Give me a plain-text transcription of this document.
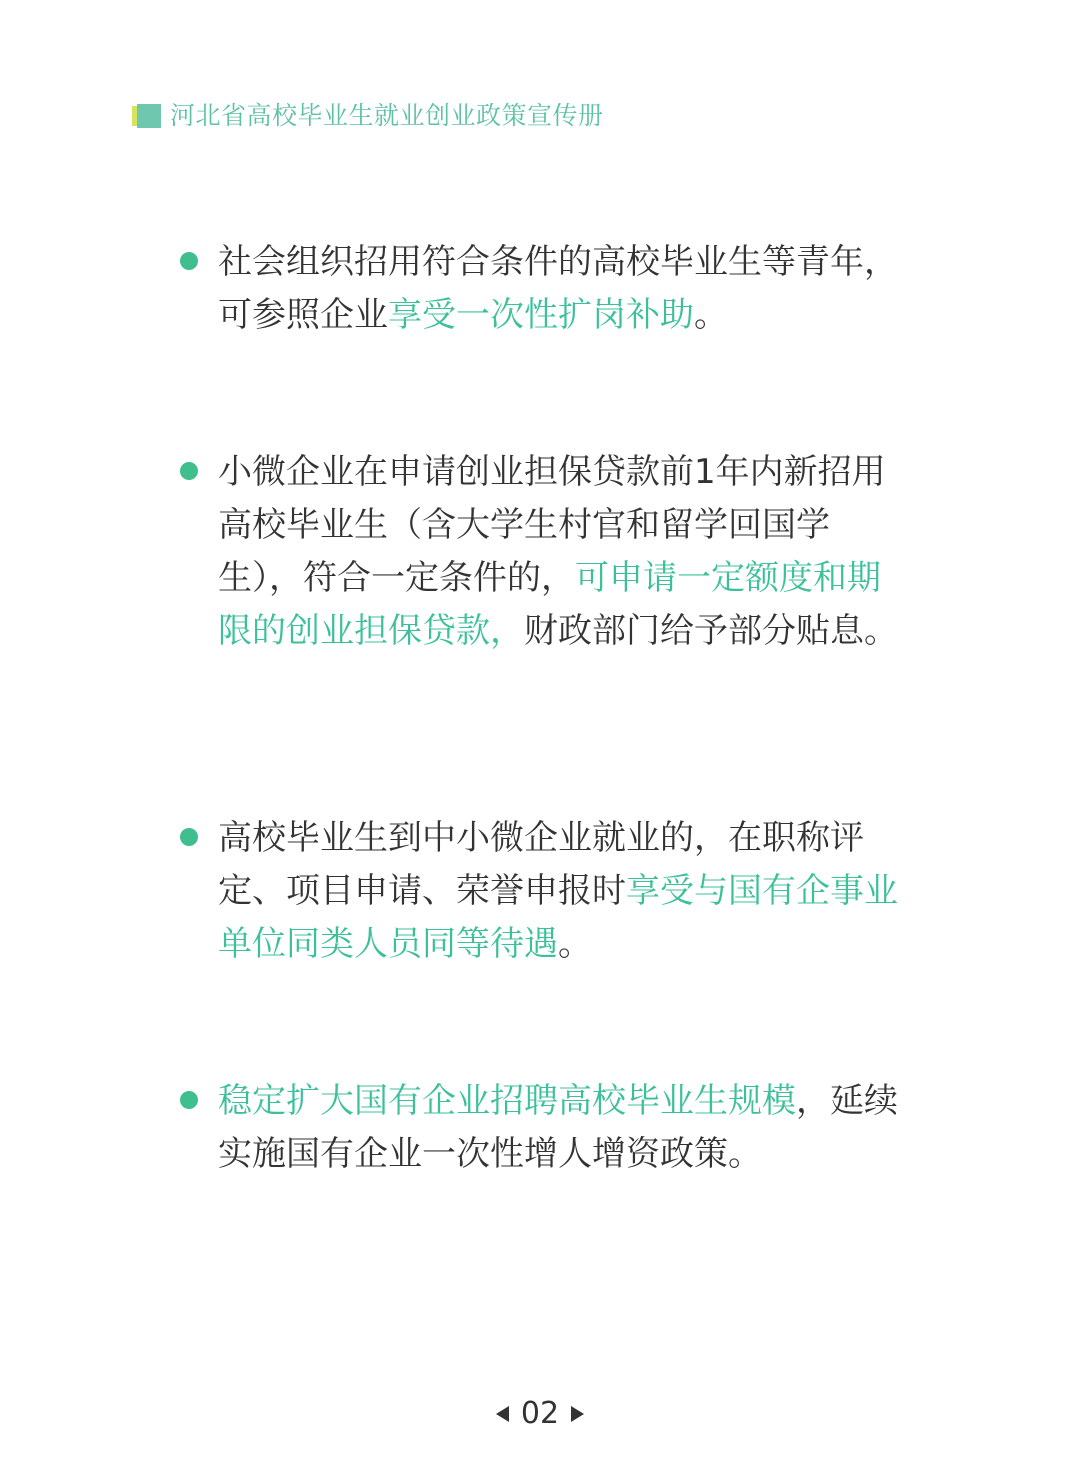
河北省高校毕业生就业创业政策宣传册
社会组织招用符合条件的高校毕业生等青年，可参照企业享受一次性扩岗补助。
小微企业在申请创业担保贷款前1年内新招用高校毕业生（含大学生村官和留学回国学生），符合一定条件的，可申请一定额度和期限的创业担保贷款，财政部门给予部分贴息。
高校毕业生到中小微企业就业的，在职称评定、项目申请、荣誉申报时享受与国有企事业单位同类人员同等待遇。
稳定扩大国有企业招聘高校毕业生规模，延续实施国有企业一次性增人增资政策。
02
